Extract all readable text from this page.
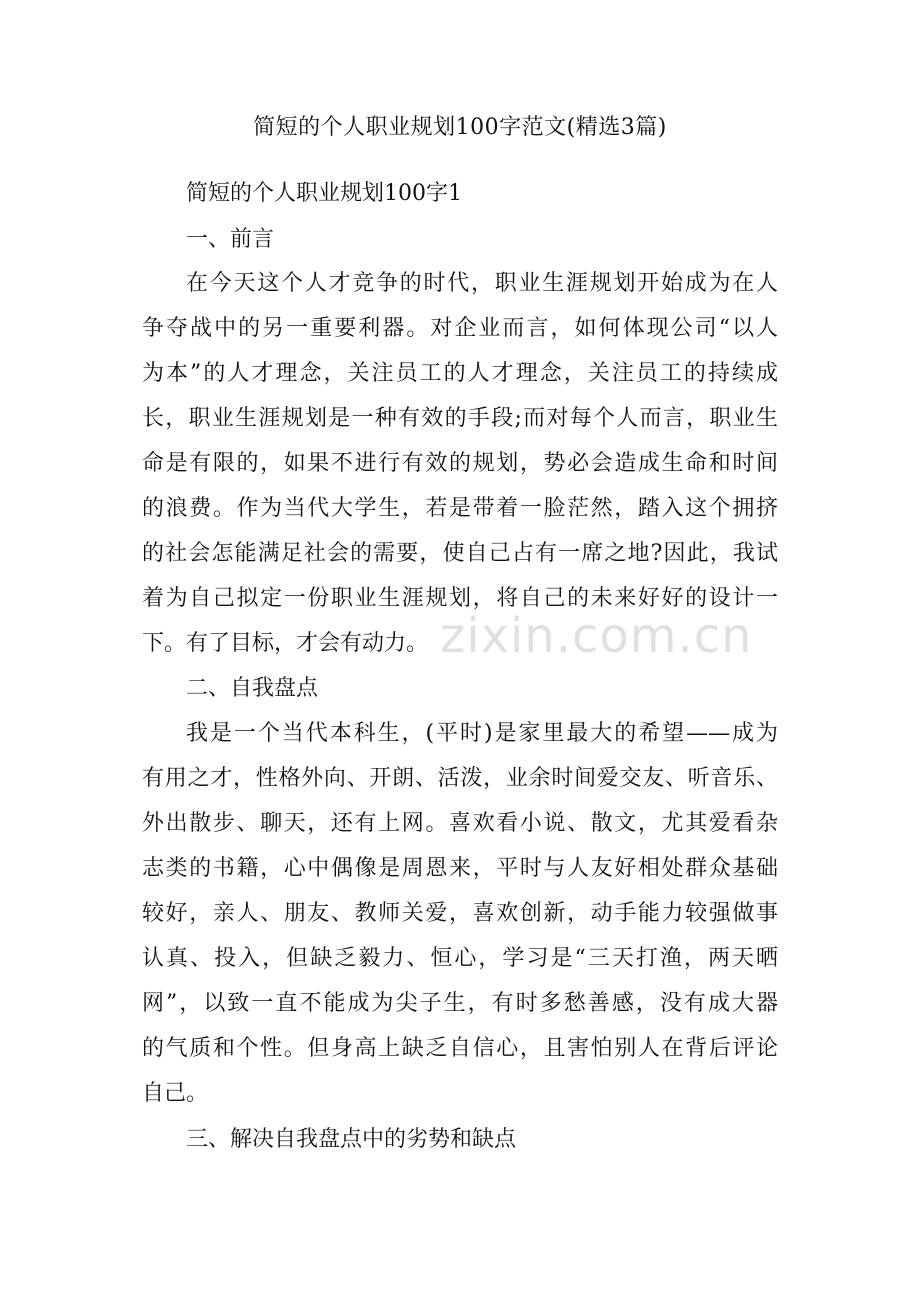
简短的个人职业规划100字范文(精选3篇)
简短的个人职业规划100字1
一、前言
在今天这个人才竞争的时代，职业生涯规划开始成为在人
争夺战中的另一重要利器。对企业而言，如何体现公司“以人
为本”的人才理念，关注员工的人才理念，关注员工的持续成
长，职业生涯规划是一种有效的手段;而对每个人而言，职业生
命是有限的，如果不进行有效的规划，势必会造成生命和时间
的浪费。作为当代大学生，若是带着一脸茫然，踏入这个拥挤
的社会怎能满足社会的需要，使自己占有一席之地?因此，我试
着为自己拟定一份职业生涯规划，将自己的未来好好的设计一
下。有了目标，才会有动力。
二、自我盘点
我是一个当代本科生，(平时)是家里最大的希望——成为
有用之才，性格外向、开朗、活泼，业余时间爱交友、听音乐、
外出散步、聊天，还有上网。喜欢看小说、散文，尤其爱看杂
志类的书籍，心中偶像是周恩来，平时与人友好相处群众基础
较好，亲人、朋友、教师关爱，喜欢创新，动手能力较强做事
认真、投入，但缺乏毅力、恒心，学习是“三天打渔，两天晒
网”，以致一直不能成为尖子生，有时多愁善感，没有成大器
的气质和个性。但身高上缺乏自信心，且害怕别人在背后评论
自己。
三、解决自我盘点中的劣势和缺点
zixin.com.cn
